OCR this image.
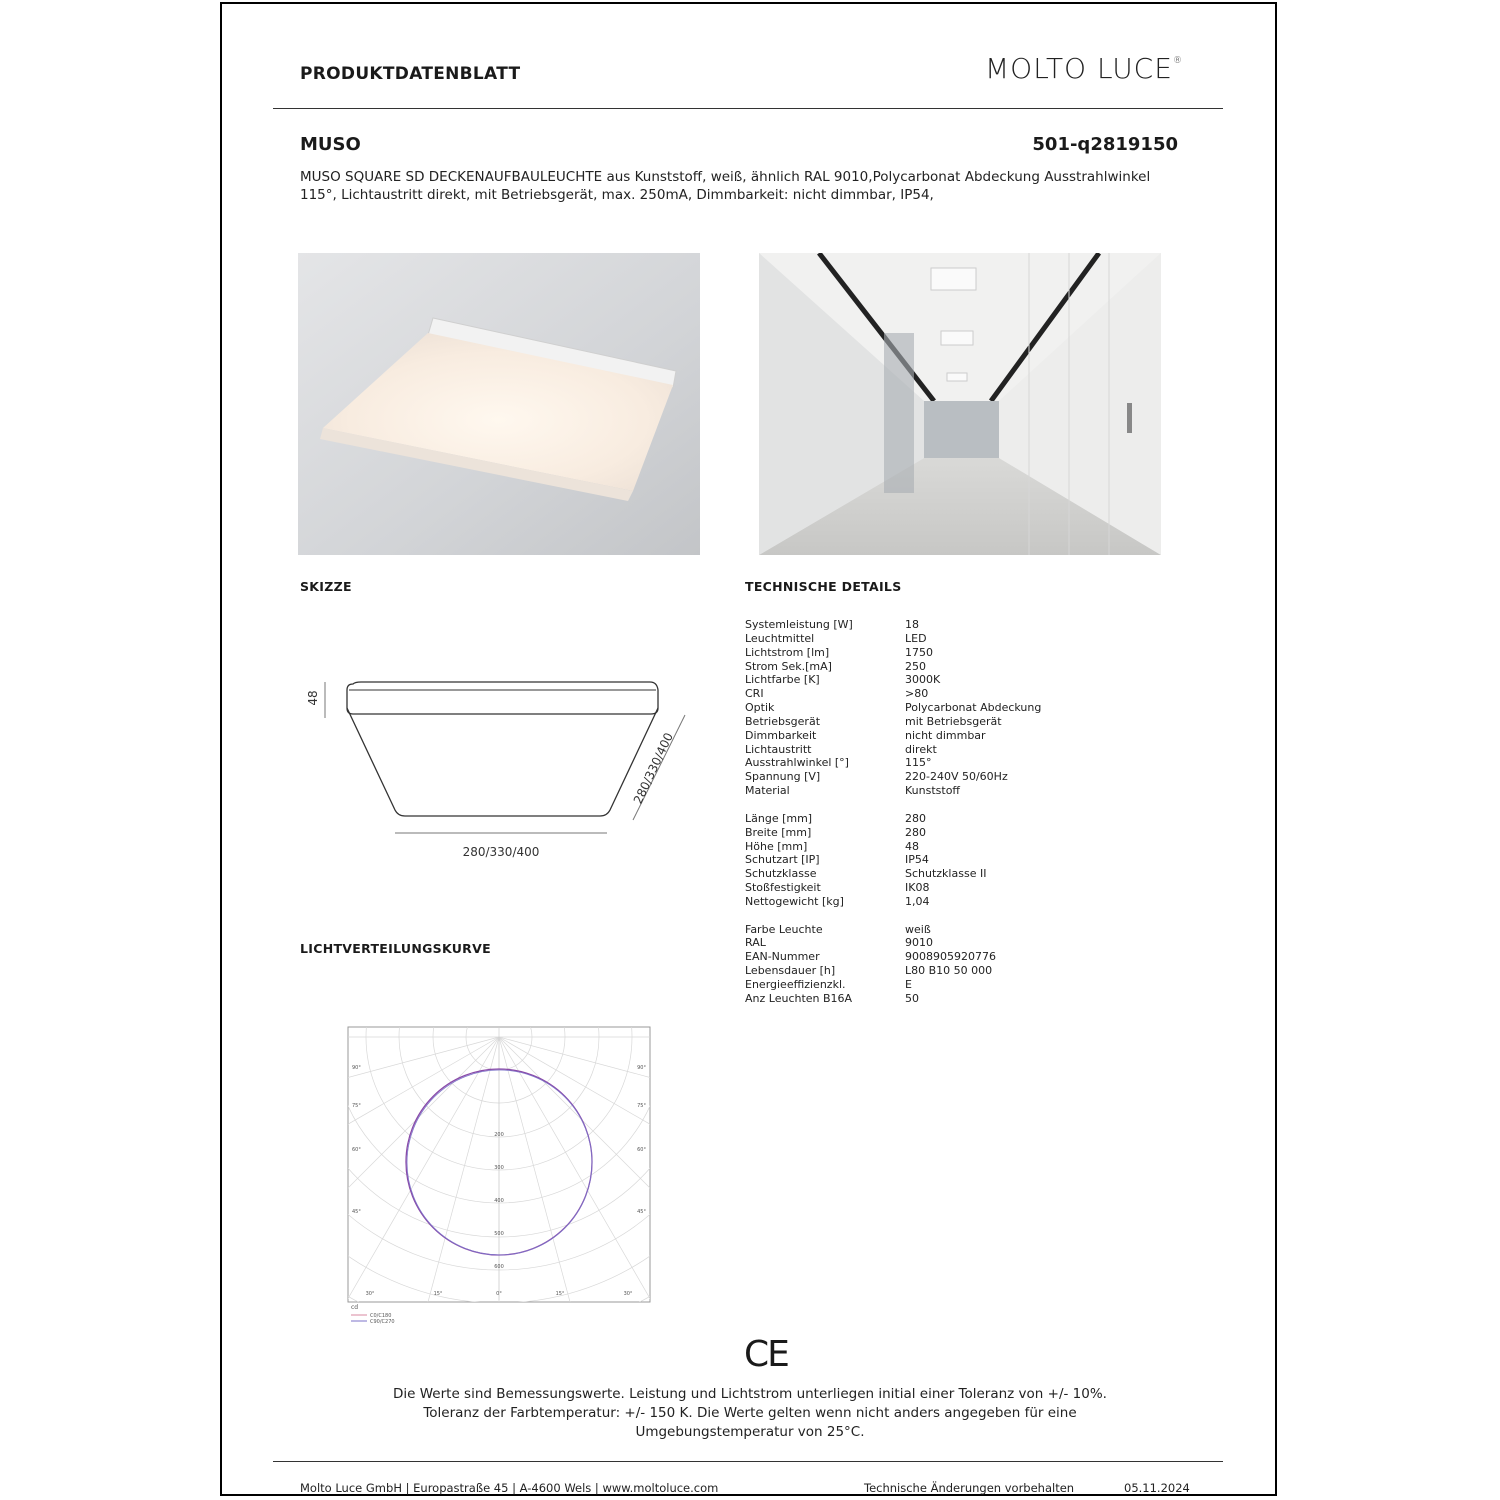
PRODUKTDATENBLATT	MOLTO LUCE®
MUSO	501-q2819150
MUSO SQUARE SD DECKENAUFBAULEUCHTE aus Kunststoff, weiß, ähnlich RAL 9010,Polycarbonat Abdeckung Ausstrahlwinkel 115°, Lichtaustritt direkt, mit Betriebsgerät, max. 250mA, Dimmbarkeit: nicht dimmbar, IP54,
SKIZZE	TECHNISCHE DETAILS
LICHTVERTEILUNGSKURVE
48
280/330/400
280/330/400
Systemleistung [W]	18
Leuchtmittel	LED
Lichtstrom [lm]	1750
Strom Sek.[mA]	250
Lichtfarbe [K]	3000K
CRI	>80
Optik	Polycarbonat Abdeckung
Betriebsgerät	mit Betriebsgerät
Dimmbarkeit	nicht dimmbar
Lichtaustritt	direkt
Ausstrahlwinkel [°]	115°
Spannung [V]	220-240V 50/60Hz
Material	Kunststoff
Länge [mm]	280
Breite [mm]	280
Höhe [mm]	48
Schutzart [IP]	IP54
Schutzklasse	Schutzklasse II
Stoßfestigkeit	IK08
Nettogewicht [kg]	1,04
Farbe Leuchte	weiß
RAL	9010
EAN-Nummer	9008905920776
Lebensdauer [h]	L80 B10 50 000
Energieeffizienzkl.	E
Anz Leuchten B16A	50
200
300
400
500
600
90°
75°
60°
45°
90°
75°
60°
45°
30°	15°	0°	15°	30°
cd
C0/C180
C90/C270
CE
Die Werte sind Bemessungswerte. Leistung und Lichtstrom unterliegen initial einer Toleranz von +/- 10%.
Toleranz der Farbtemperatur: +/- 150 K. Die Werte gelten wenn nicht anders angegeben für eine
Umgebungstemperatur von 25°C.
Molto Luce GmbH | Europastraße 45 | A-4600 Wels | www.moltoluce.com	Technische Änderungen vorbehalten	05.11.2024
